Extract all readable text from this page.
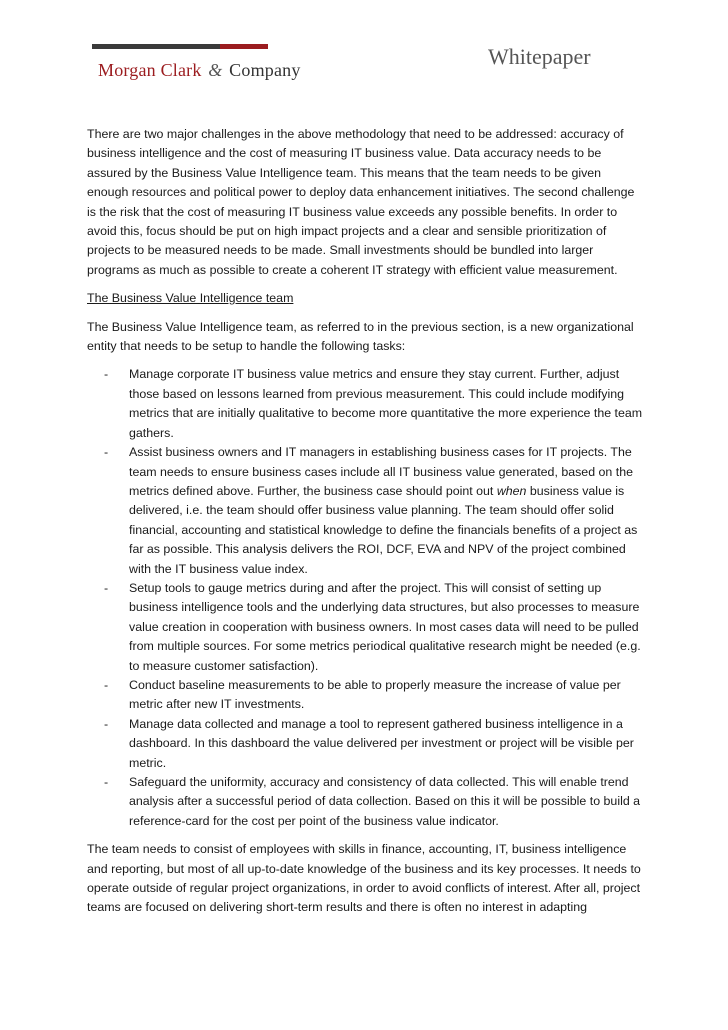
Morgan Clark & Company
Whitepaper

There are two major challenges in the above methodology that need to be addressed: accuracy of business intelligence and the cost of measuring IT business value. Data accuracy needs to be assured by the Business Value Intelligence team. This means that the team needs to be given enough resources and political power to deploy data enhancement initiatives. The second challenge is the risk that the cost of measuring IT business value exceeds any possible benefits. In order to avoid this, focus should be put on high impact projects and a clear and sensible prioritization of projects to be measured needs to be made. Small investments should be bundled into larger programs as much as possible to create a coherent IT strategy with efficient value measurement.

The Business Value Intelligence team

The Business Value Intelligence team, as referred to in the previous section, is a new organizational entity that needs to be setup to handle the following tasks:

- Manage corporate IT business value metrics and ensure they stay current. Further, adjust those based on lessons learned from previous measurement. This could include modifying metrics that are initially qualitative to become more quantitative the more experience the team gathers.
- Assist business owners and IT managers in establishing business cases for IT projects. The team needs to ensure business cases include all IT business value generated, based on the metrics defined above. Further, the business case should point out when business value is delivered, i.e. the team should offer business value planning. The team should offer solid financial, accounting and statistical knowledge to define the financials benefits of a project as far as possible. This analysis delivers the ROI, DCF, EVA and NPV of the project combined with the IT business value index.
- Setup tools to gauge metrics during and after the project. This will consist of setting up business intelligence tools and the underlying data structures, but also processes to measure value creation in cooperation with business owners. In most cases data will need to be pulled from multiple sources. For some metrics periodical qualitative research might be needed (e.g. to measure customer satisfaction).
- Conduct baseline measurements to be able to properly measure the increase of value per metric after new IT investments.
- Manage data collected and manage a tool to represent gathered business intelligence in a dashboard. In this dashboard the value delivered per investment or project will be visible per metric.
- Safeguard the uniformity, accuracy and consistency of data collected. This will enable trend analysis after a successful period of data collection. Based on this it will be possible to build a reference-card for the cost per point of the business value indicator.

The team needs to consist of employees with skills in finance, accounting, IT, business intelligence and reporting, but most of all up-to-date knowledge of the business and its key processes. It needs to operate outside of regular project organizations, in order to avoid conflicts of interest. After all, project teams are focused on delivering short-term results and there is often no interest in adapting
